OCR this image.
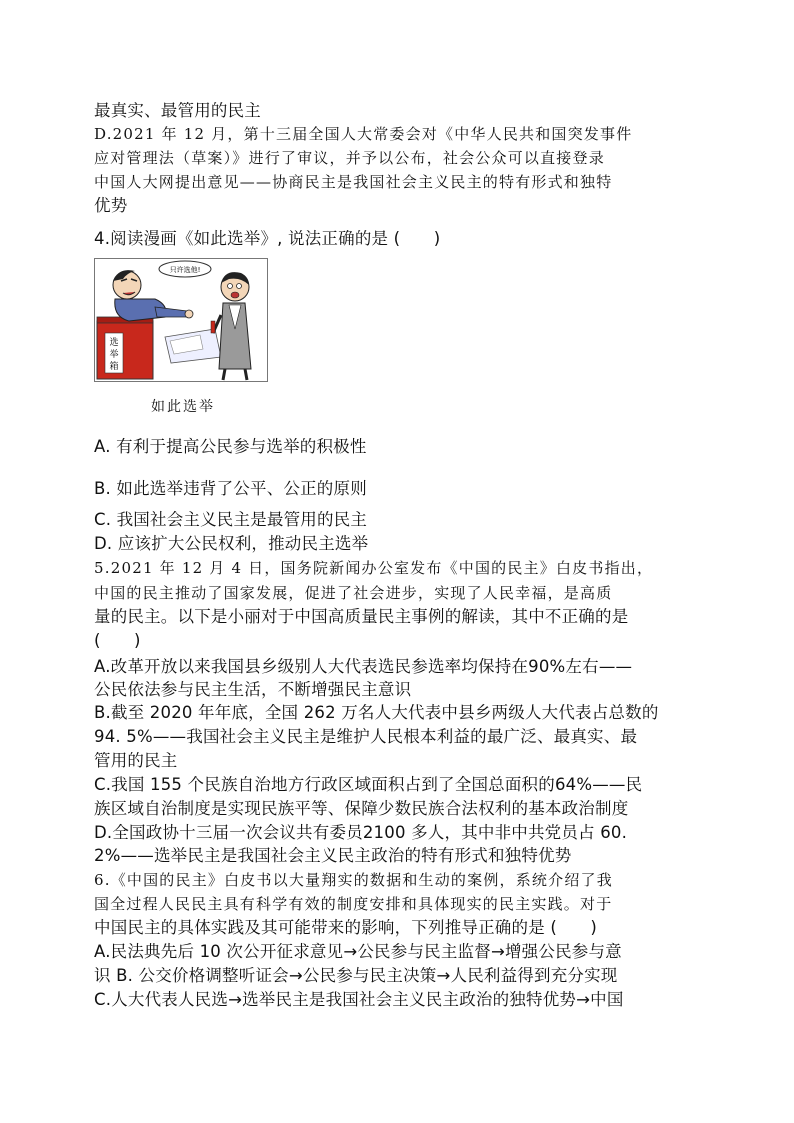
最真实、最管用的民主
D.2021 年 12 月，第十三届全国人大常委会对《中华人民共和国突发事件
应对管理法（草案）》进行了审议，并予以公布，社会公众可以直接登录
中国人大网提出意见——协商民主是我国社会主义民主的特有形式和独特
优势
4.阅读漫画《如此选举》, 说法正确的是 (　　)
只许选他!
选
举
箱
如此选举
A. 有利于提高公民参与选举的积极性
B. 如此选举违背了公平、公正的原则
C. 我国社会主义民主是最管用的民主
D. 应该扩大公民权利，推动民主选举
5.2021 年 12 月 4 日，国务院新闻办公室发布《中国的民主》白皮书指出，
中国的民主推动了国家发展，促进了社会进步，实现了人民幸福，是高质
量的民主。以下是小丽对于中国高质量民主事例的解读，其中不正确的是
(　　)
A.改革开放以来我国县乡级别人大代表选民参选率均保持在90%左右——
公民依法参与民主生活，不断增强民主意识
B.截至 2020 年年底，全国 262 万名人大代表中县乡两级人大代表占总数的
94. 5%——我国社会主义民主是维护人民根本利益的最广泛、最真实、最
管用的民主
C.我国 155 个民族自治地方行政区域面积占到了全国总面积的64%——民
族区域自治制度是实现民族平等、保障少数民族合法权利的基本政治制度
D.全国政协十三届一次会议共有委员2100 多人，其中非中共党员占 60.
2%——选举民主是我国社会主义民主政治的特有形式和独特优势
6.《中国的民主》白皮书以大量翔实的数据和生动的案例，系统介绍了我
国全过程人民民主具有科学有效的制度安排和具体现实的民主实践。对于
中国民主的具体实践及其可能带来的影响，下列推导正确的是 (　　)
A.民法典先后 10 次公开征求意见→公民参与民主监督→增强公民参与意
识 B. 公交价格调整听证会→公民参与民主决策→人民利益得到充分实现
C.人大代表人民选→选举民主是我国社会主义民主政治的独特优势→中国
